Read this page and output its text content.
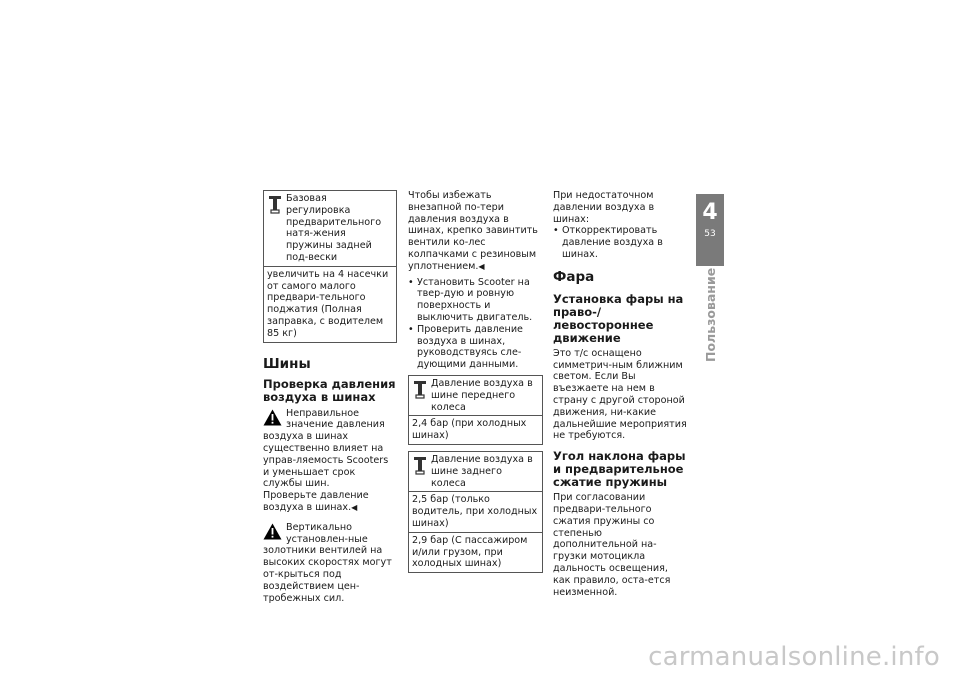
Базовая регулировка предварительного натя-жения пружины задней под-вески

увеличить на 4 насечки от самого малого предвари-тельного поджатия (Полная заправка, с водителем 85 кг)

Шины
Проверка давления воздуха в шинах

Неправильное значение давления воздуха в шинах существенно влияет на управ-ляемость Scooters и уменьшает срок службы шин.

Проверьте давление воздуха в шинах.◀

Вертикально установлен-ные золотники вентилей на высоких скоростях могут от-крыться под воздействием цен-тробежных сил.

Чтобы избежать внезапной по-тери давления воздуха в шинах, крепко завинтить вентили ко-лес колпачками с резиновым уплотнением.◀

• Установить Scooter на твер-дую и ровную поверхность и выключить двигатель.
• Проверить давление воздуха в шинах, руководствуясь сле-дующими данными.

Давление воздуха в шине переднего колеса

2,4 бар (при холодных шинах)

Давление воздуха в шине заднего колеса

2,5 бар (только водитель, при холодных шинах)

2,9 бар (С пассажиром и/или грузом, при холодных шинах)

При недостаточном давлении воздуха в шинах:

• Откорректировать давление воздуха в шинах.
Фара
Установка фары на право-/левостороннее движение

Это т/с оснащено симметрич-ным ближним светом. Если Вы въезжаете на нем в страну с другой стороной движения, ни-какие дальнейшие мероприятия не требуются.

Угол наклона фары и предварительное сжатие пружины

При согласовании предвари-тельного сжатия пружины со степенью дополнительной на-грузки мотоцикла дальность освещения, как правило, оста-ется неизменной.

4
53
Пользование
carmanualsonline.info
